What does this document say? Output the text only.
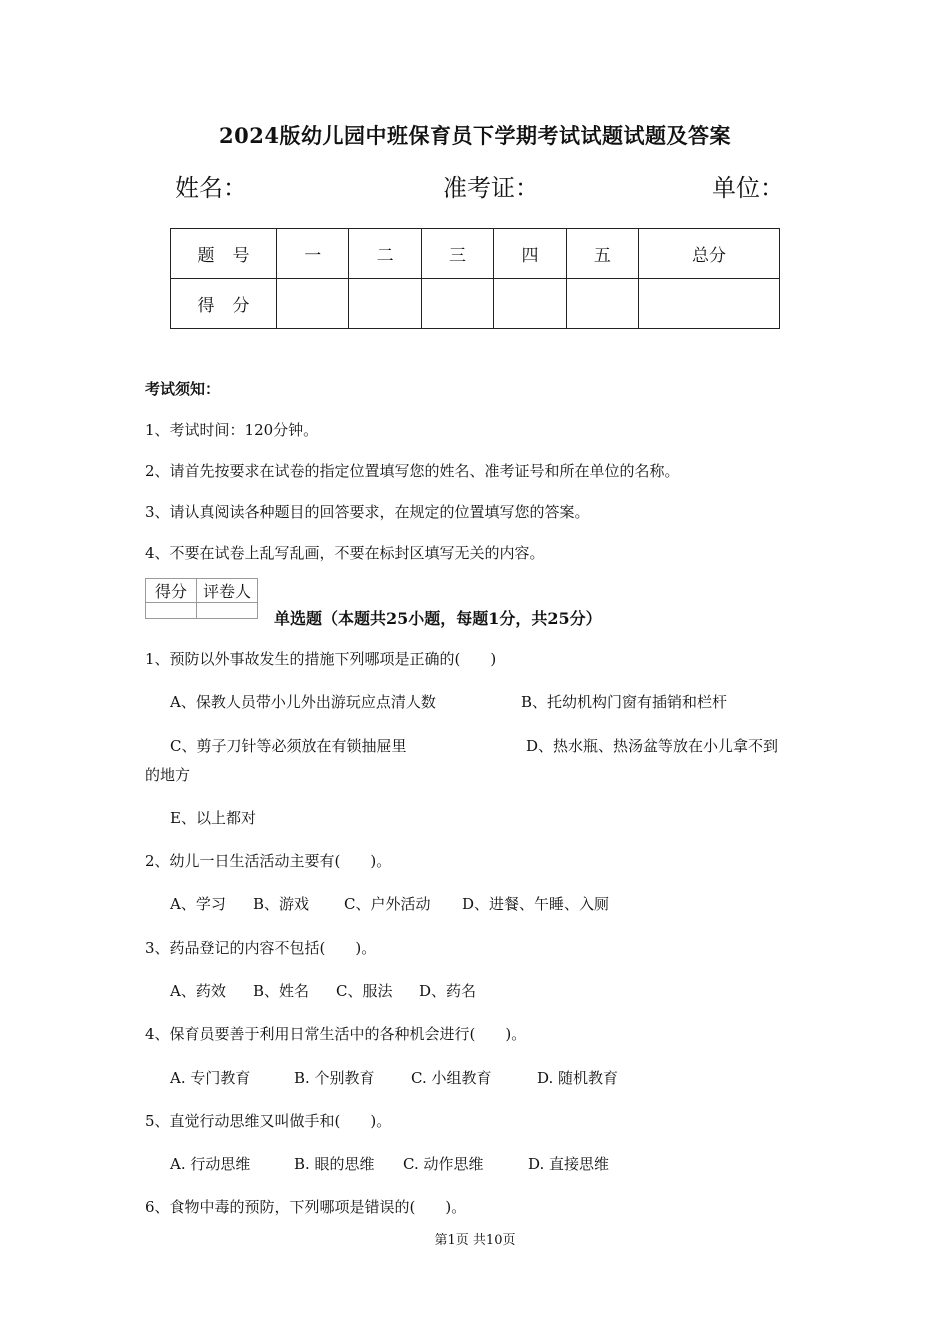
2024版幼儿园中班保育员下学期考试试题试题及答案
姓名：	准考证：	单位：
题号	一	二	三	四	五	总分
得分						
考试须知：
1、考试时间：120分钟。
2、请首先按要求在试卷的指定位置填写您的姓名、准考证号和所在单位的名称。
3、请认真阅读各种题目的回答要求，在规定的位置填写您的答案。
4、不要在试卷上乱写乱画，不要在标封区填写无关的内容。
得分	评卷人

单选题（本题共25小题，每题1分，共25分）
1、预防以外事故发生的措施下列哪项是正确的(　　)
A、保教人员带小儿外出游玩应点清人数	B、托幼机构门窗有插销和栏杆
C、剪子刀针等必须放在有锁抽屉里	D、热水瓶、热汤盆等放在小儿拿不到
的地方
E、以上都对
2、幼儿一日生活活动主要有(　　)。
A、学习 B、游戏 C、户外活动 D、进餐、午睡、入厕
3、药品登记的内容不包括(　　)。
A、药效 B、姓名 C、服法 D、药名
4、保育员要善于利用日常生活中的各种机会进行(　　)。
A. 专门教育	B. 个别教育 C. 小组教育	D. 随机教育
5、直觉行动思维又叫做手和(　　)。
A. 行动思维	B. 眼的思维 C. 动作思维	D. 直接思维
6、食物中毒的预防，下列哪项是错误的(　　)。
第1页 共10页
